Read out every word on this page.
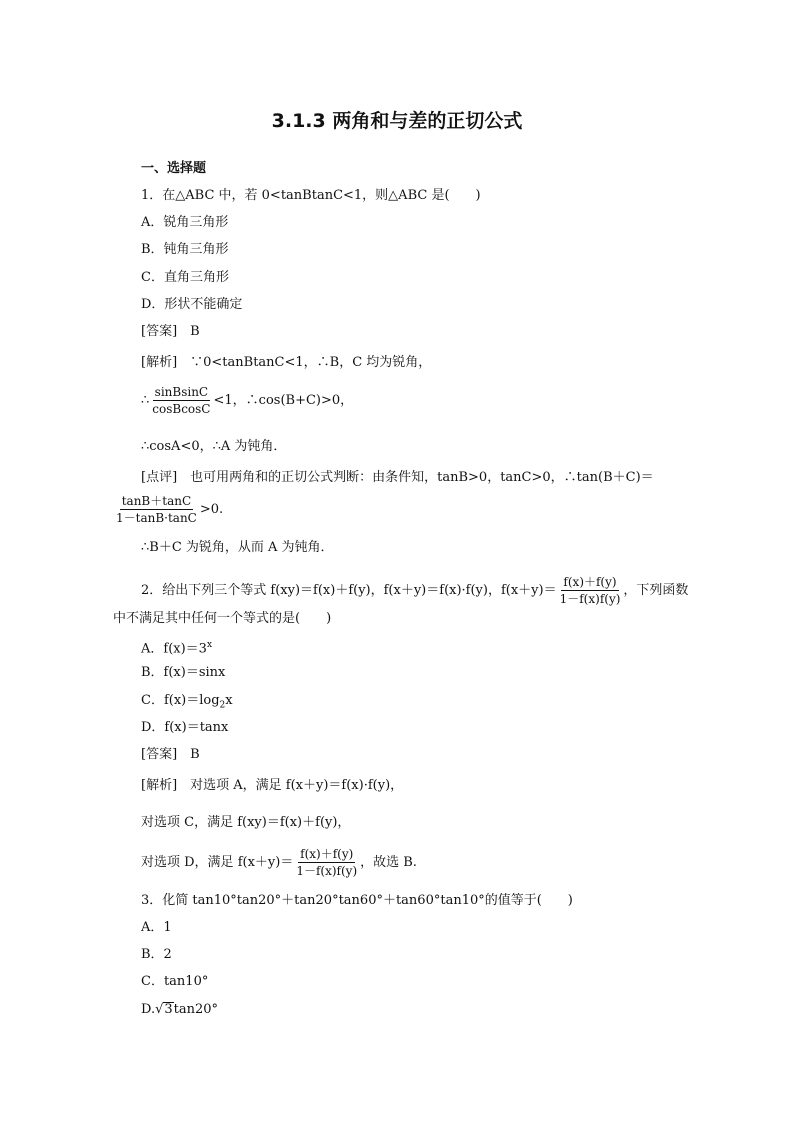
3.1.3 两角和与差的正切公式
一、选择题
1．在△ABC 中，若 0<tanBtanC<1，则△ABC 是(　　)
A．锐角三角形
B．钝角三角形
C．直角三角形
D．形状不能确定
[答案]　B
[解析]　∵0<tanBtanC<1，∴B，C 均为锐角，
∴ $\frac{\text{sinBsinC}}{\text{cosBcosC}} <1$，∴cos(B+C)>0，
∴cosA<0，∴A 为钝角．
[点评]　也可用两角和的正切公式判断：由条件知，tanB>0，tanC>0，∴tan(B＋C)＝
$\frac{\tan B+\tan C}{1-\tan B\cdot\tan C} >0$.
∴B＋C 为锐角，从而 A 为钝角．
2．给出下列三个等式 f(xy)＝f(x)＋f(y)，f(x＋y)＝f(x)·f(y)，$f(x+y)= \frac{f(x)+f(y)}{1-f(x)f(y)}$ ，下列函数
中不满足其中任何一个等式的是(　　)
A．$f(x)=3^x$
B．f(x)＝sinx
C．$f(x)=\log_2x$
D．f(x)＝tanx
[答案]　B
[解析]　对选项 A，满足 f(x＋y)＝f(x)·f(y)，
对选项 C，满足 f(xy)＝f(x)＋f(y)，
对选项 D，满足 $f(x+y)= \frac{f(x)+f(y)}{1-f(x)f(y)}$ ，故选 B.
3．化简 tan10°tan20°＋tan20°tan60°＋tan60°tan10°的值等于(　　)
A．1
B．2
C．tan10°
D.√3tan20°
